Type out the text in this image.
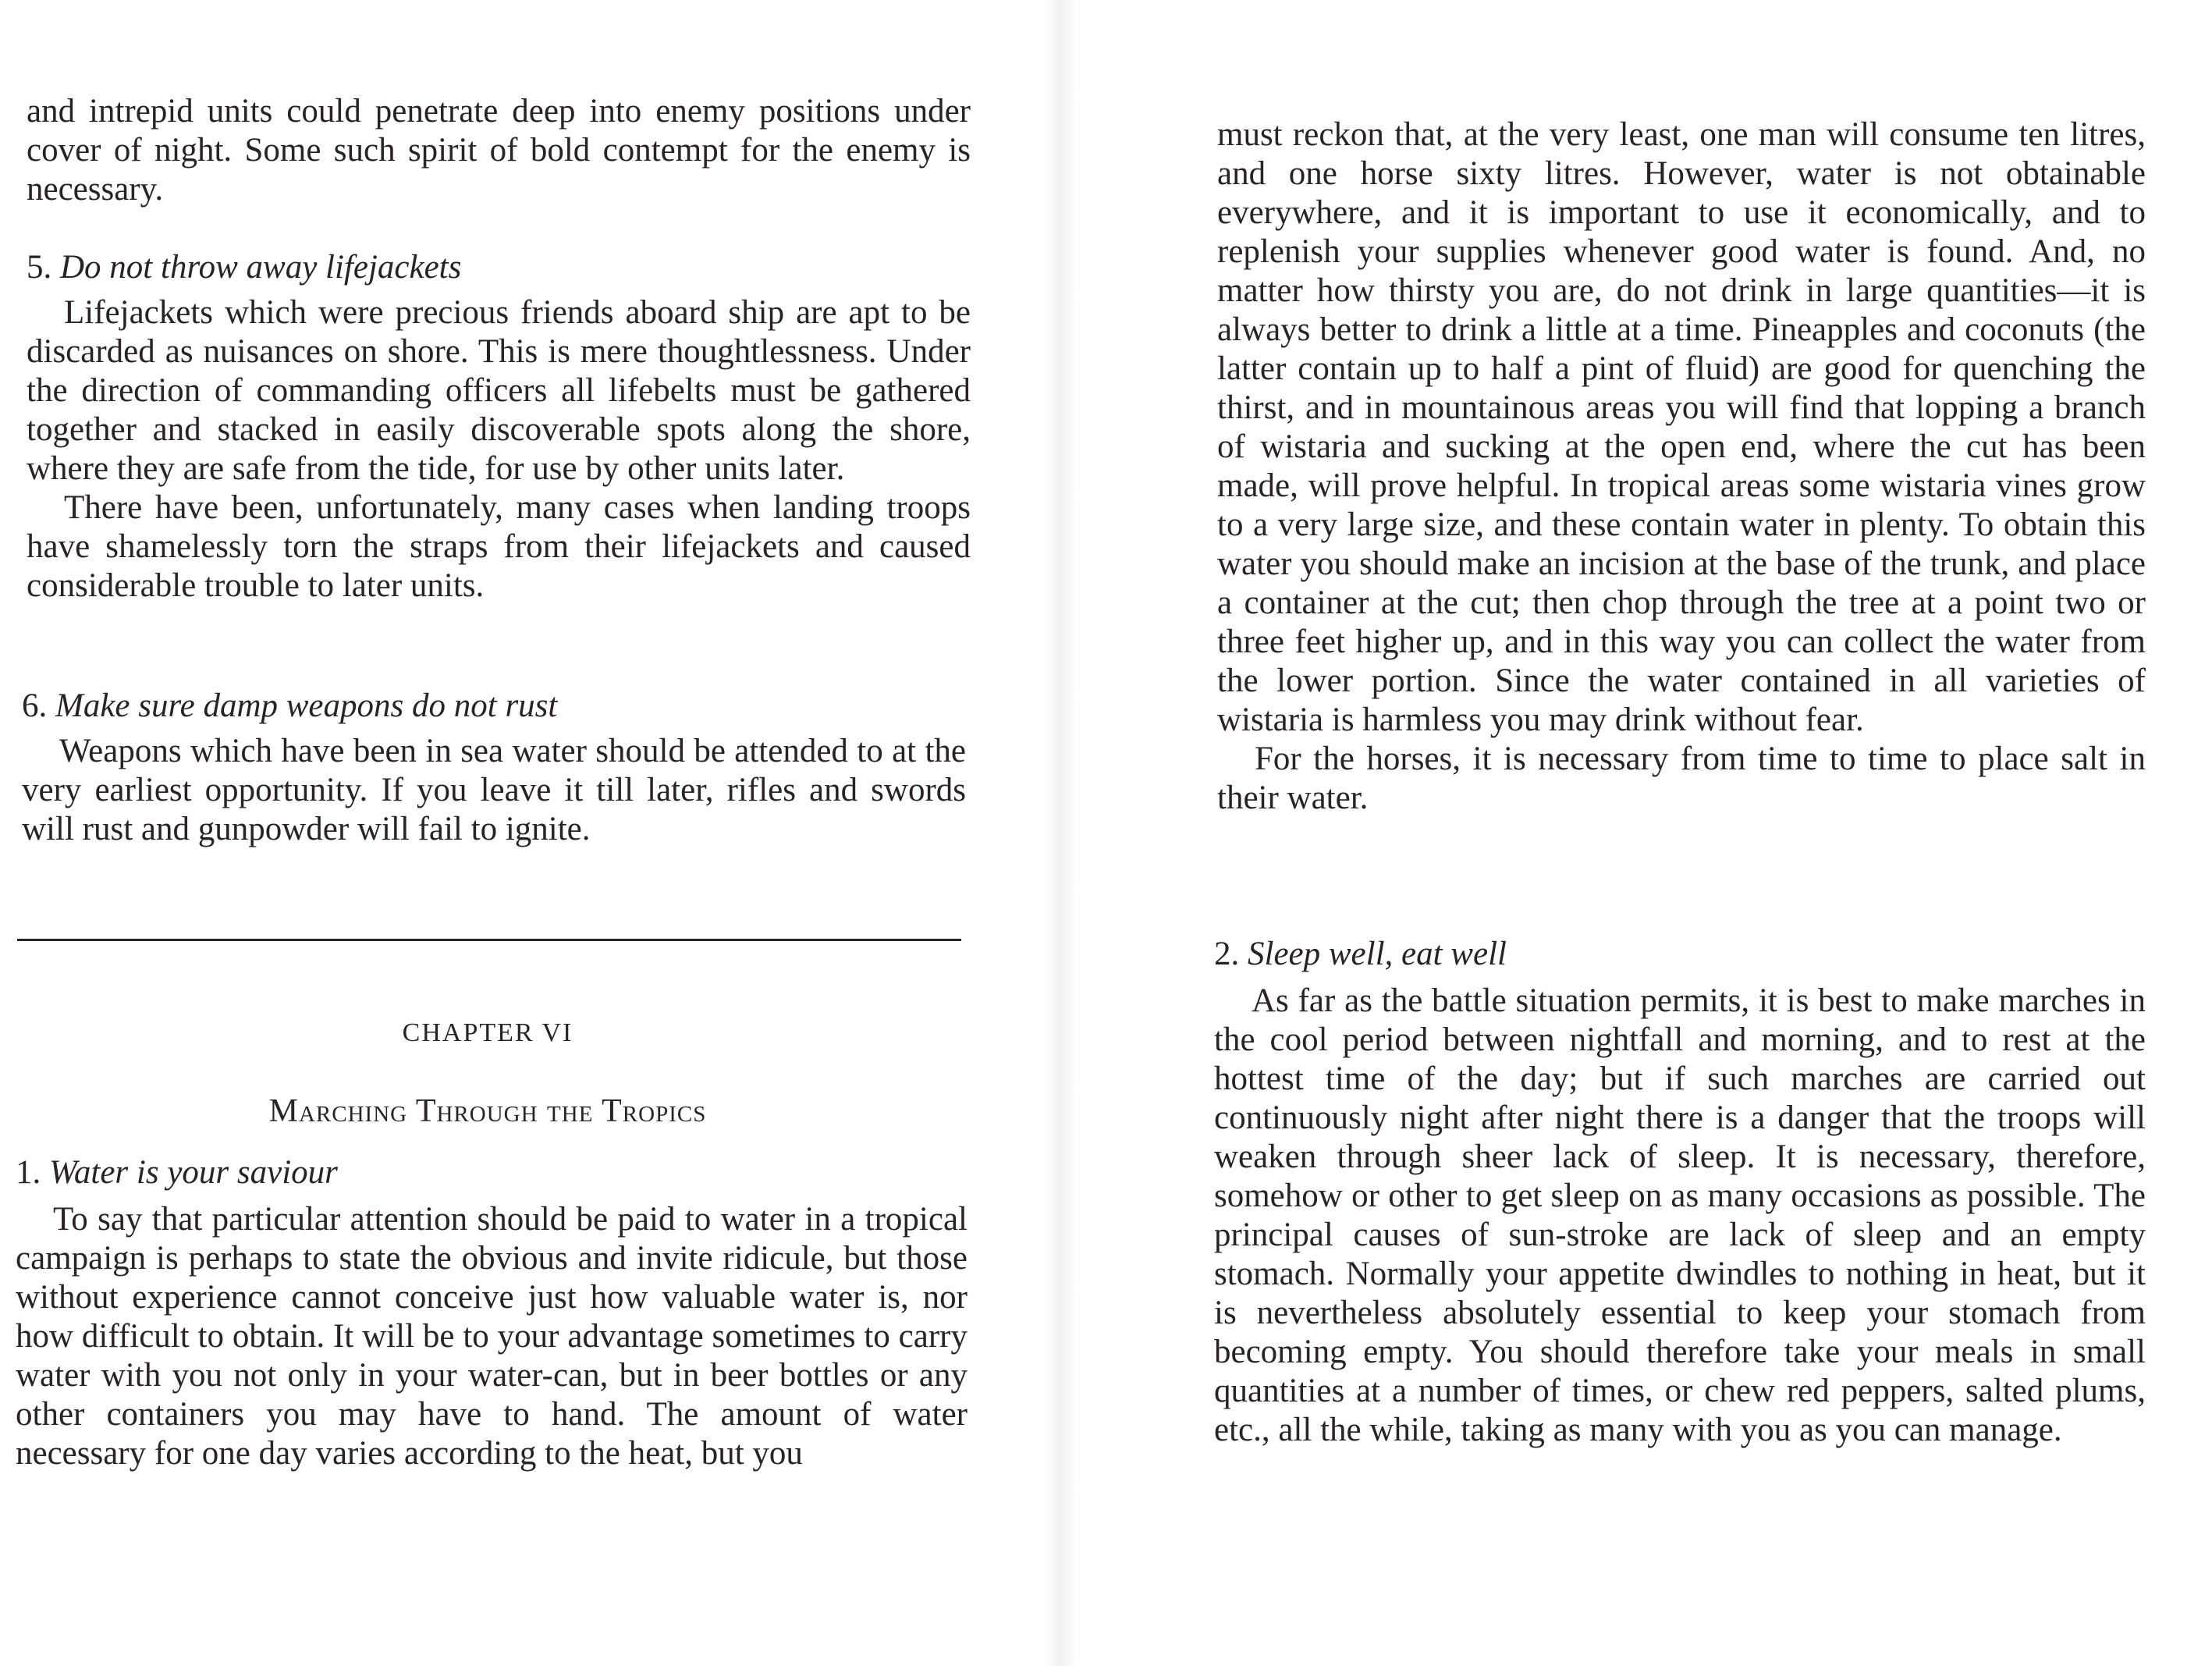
and intrepid units could penetrate deep into enemy positions under cover of night. Some such spirit of bold contempt for the enemy is necessary.

5. Do not throw away lifejackets

Lifejackets which were precious friends aboard ship are apt to be discarded as nuisances on shore. This is mere thoughtlessness. Under the direction of commanding officers all lifebelts must be gathered together and stacked in easily discoverable spots along the shore, where they are safe from the tide, for use by other units later.

There have been, unfortunately, many cases when landing troops have shamelessly torn the straps from their lifejackets and caused considerable trouble to later units.

6. Make sure damp weapons do not rust

Weapons which have been in sea water should be attended to at the very earliest opportunity. If you leave it till later, rifles and swords will rust and gunpowder will fail to ignite.

CHAPTER VI
Marching Through the Tropics

1. Water is your saviour

To say that particular attention should be paid to water in a tropical campaign is perhaps to state the obvious and invite ridicule, but those without experience cannot conceive just how valuable water is, nor how difficult to obtain. It will be to your advantage sometimes to carry water with you not only in your water-can, but in beer bottles or any other containers you may have to hand. The amount of water necessary for one day varies according to the heat, but you

must reckon that, at the very least, one man will consume ten litres, and one horse sixty litres. However, water is not obtainable everywhere, and it is important to use it economically, and to replenish your supplies whenever good water is found. And, no matter how thirsty you are, do not drink in large quantities—it is always better to drink a little at a time. Pineapples and coconuts (the latter contain up to half a pint of fluid) are good for quenching the thirst, and in mountainous areas you will find that lopping a branch of wistaria and sucking at the open end, where the cut has been made, will prove helpful. In tropical areas some wistaria vines grow to a very large size, and these contain water in plenty. To obtain this water you should make an incision at the base of the trunk, and place a container at the cut; then chop through the tree at a point two or three feet higher up, and in this way you can collect the water from the lower portion. Since the water contained in all varieties of wistaria is harmless you may drink without fear.

For the horses, it is necessary from time to time to place salt in their water.

2. Sleep well, eat well

As far as the battle situation permits, it is best to make marches in the cool period between nightfall and morning, and to rest at the hottest time of the day; but if such marches are carried out continuously night after night there is a danger that the troops will weaken through sheer lack of sleep. It is necessary, therefore, somehow or other to get sleep on as many occasions as possible. The principal causes of sun-stroke are lack of sleep and an empty stomach. Normally your appetite dwindles to nothing in heat, but it is nevertheless absolutely essential to keep your stomach from becoming empty. You should therefore take your meals in small quantities at a number of times, or chew red peppers, salted plums, etc., all the while, taking as many with you as you can manage.
